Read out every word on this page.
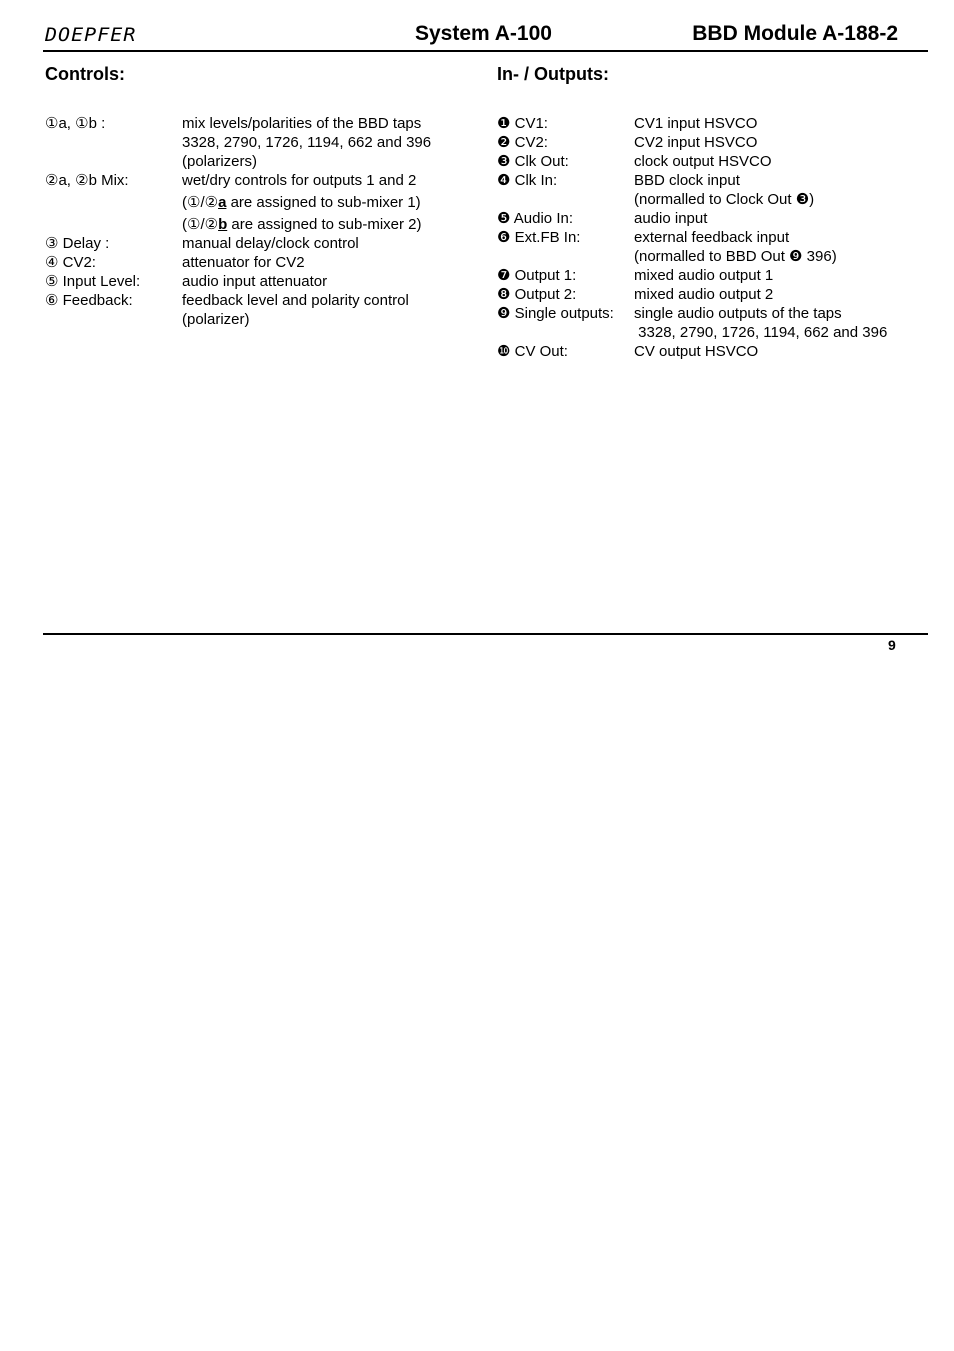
DOEPFER	System A-100	BBD Module A-188-2
Controls:	In- / Outputs:
①a, ①b :	mix levels/polarities of the BBD taps
3328, 2790, 1726, 1194, 662 and 396
(polarizers)
②a, ②b Mix:	wet/dry controls for outputs 1 and 2
(①/②a are assigned to sub-mixer 1)
(①/②b are assigned to sub-mixer 2)
③ Delay :	manual delay/clock control
④ CV2:	attenuator for CV2
⑤ Input Level:	audio input attenuator
⑥ Feedback:	feedback level and polarity control
(polarizer)
❶ CV1:	CV1 input HSVCO
❷ CV2:	CV2 input HSVCO
❸ Clk Out:	clock output HSVCO
❹ Clk In:	BBD clock input
(normalled to Clock Out ❸)
❺ Audio In:	audio input
❻ Ext.FB In:	external feedback input
(normalled to BBD Out ❾ 396)
❼ Output 1:	mixed audio output 1
❽ Output 2:	mixed audio output 2
❾ Single outputs: single audio outputs of the taps
3328, 2790, 1726, 1194, 662 and 396
❿ CV Out:	CV output HSVCO
9
